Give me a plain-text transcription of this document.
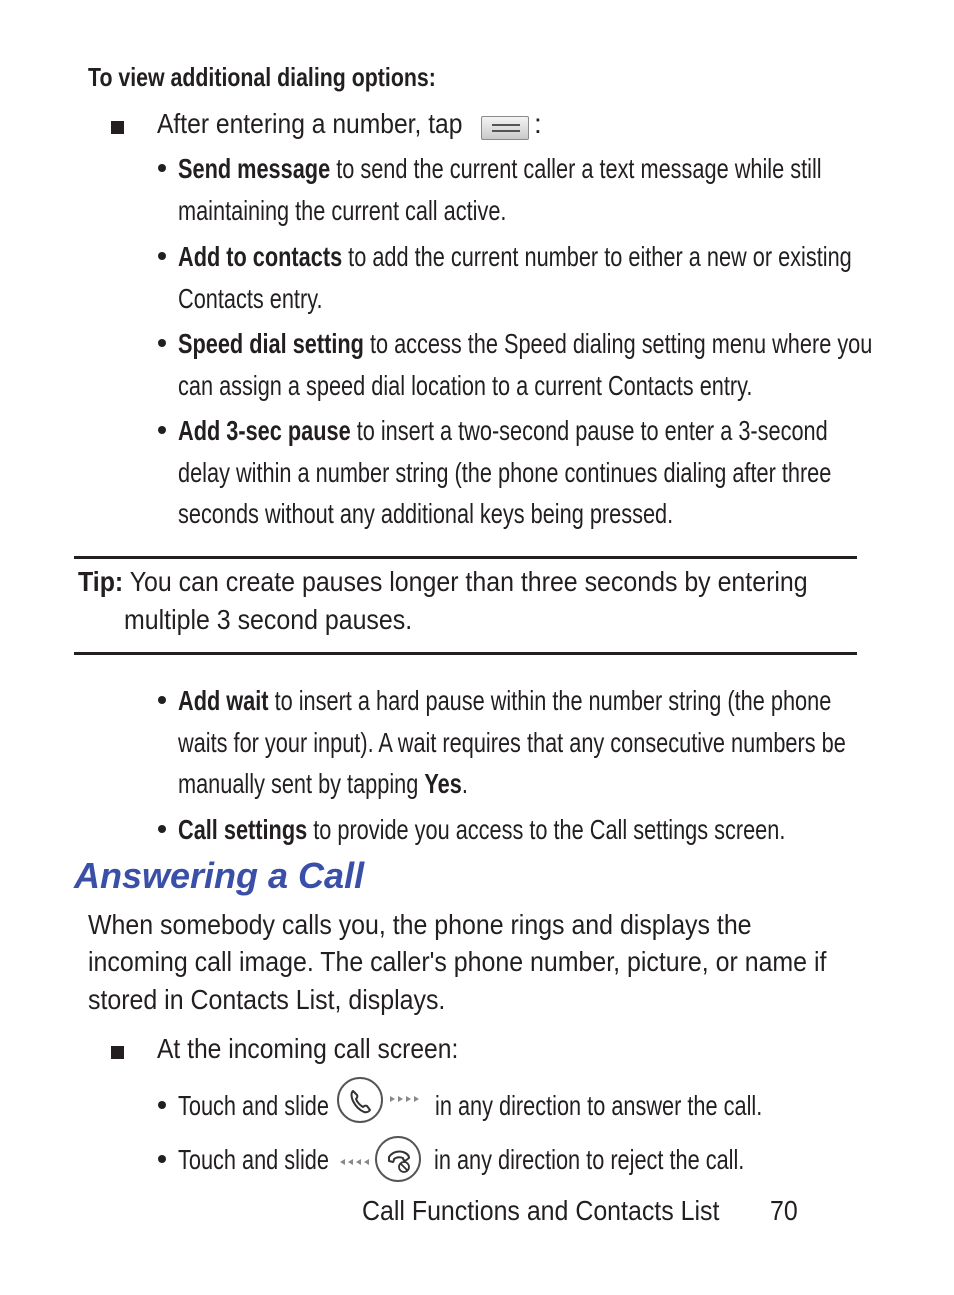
To view additional dialing options:
After entering a number, tap	:
Send message to send the current caller a text message while still
maintaining the current call active.
Add to contacts to add the current number to either a new or existing
Contacts entry.
Speed dial setting to access the Speed dialing setting menu where you
can assign a speed dial location to a current Contacts entry.
Add 3-sec pause to insert a two-second pause to enter a 3-second
delay within a number string (the phone continues dialing after three
seconds without any additional keys being pressed.
Tip: You can create pauses longer than three seconds by entering
multiple 3 second pauses.
Add wait to insert a hard pause within the number string (the phone
waits for your input). A wait requires that any consecutive numbers be
manually sent by tapping Yes.
Call settings to provide you access to the Call settings screen.
Answering a Call
When somebody calls you, the phone rings and displays the
incoming call image. The caller's phone number, picture, or name if
stored in Contacts List, displays.
At the incoming call screen:
Touch and slide	in any direction to answer the call.
Touch and slide	in any direction to reject the call.
Call Functions and Contacts List	70
